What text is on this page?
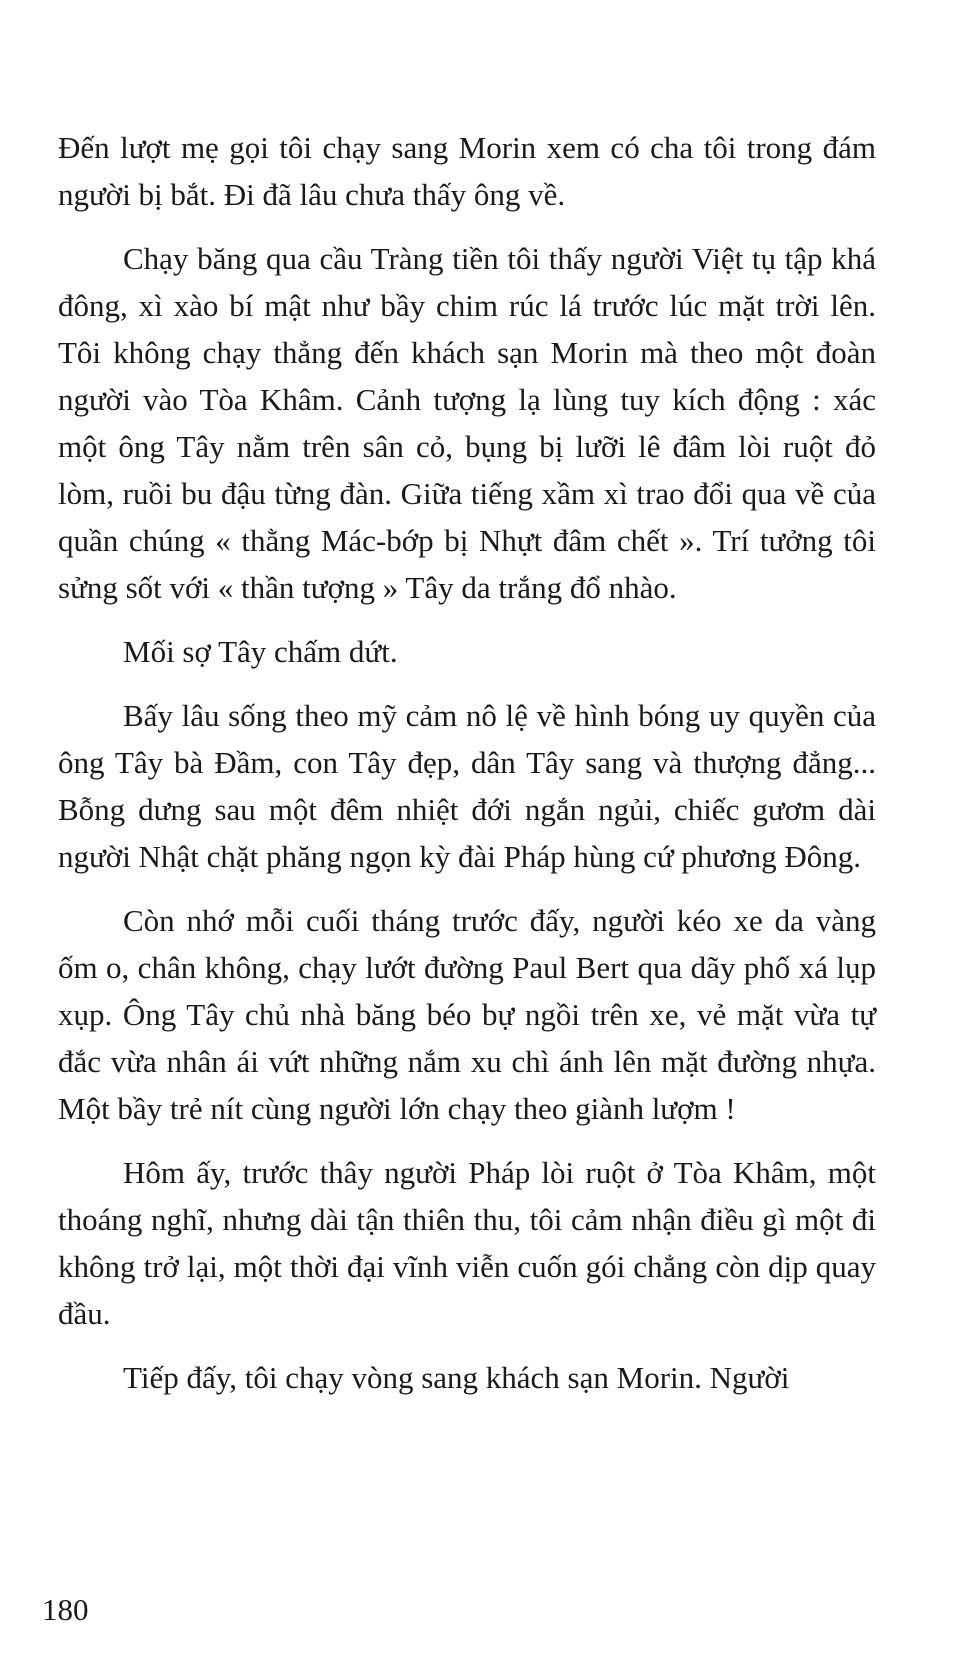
Đến lượt mẹ gọi tôi chạy sang Morin xem có cha tôi trong đám người bị bắt. Đi đã lâu chưa thấy ông về.

Chạy băng qua cầu Tràng tiền tôi thấy người Việt tụ tập khá đông, xì xào bí mật như bầy chim rúc lá trước lúc mặt trời lên. Tôi không chạy thẳng đến khách sạn Morin mà theo một đoàn người vào Tòa Khâm. Cảnh tượng lạ lùng tuy kích động : xác một ông Tây nằm trên sân cỏ, bụng bị lưỡi lê đâm lòi ruột đỏ lòm, ruồi bu đậu từng đàn. Giữa tiếng xầm xì trao đổi qua về của quần chúng « thằng Mác-bớp bị Nhựt đâm chết ». Trí tưởng tôi sửng sốt với « thần tượng » Tây da trắng đổ nhào.

Mối sợ Tây chấm dứt.

Bấy lâu sống theo mỹ cảm nô lệ về hình bóng uy quyền của ông Tây bà Đầm, con Tây đẹp, dân Tây sang và thượng đẳng... Bỗng dưng sau một đêm nhiệt đới ngắn ngủi, chiếc gươm dài người Nhật chặt phăng ngọn kỳ đài Pháp hùng cứ phương Đông.

Còn nhớ mỗi cuối tháng trước đấy, người kéo xe da vàng ốm o, chân không, chạy lướt đường Paul Bert qua dãy phố xá lụp xụp. Ông Tây chủ nhà băng béo bự ngồi trên xe, vẻ mặt vừa tự đắc vừa nhân ái vứt những nắm xu chì ánh lên mặt đường nhựa. Một bầy trẻ nít cùng người lớn chạy theo giành lượm !

Hôm ấy, trước thây người Pháp lòi ruột ở Tòa Khâm, một thoáng nghĩ, nhưng dài tận thiên thu, tôi cảm nhận điều gì một đi không trở lại, một thời đại vĩnh viễn cuốn gói chẳng còn dịp quay đầu.

Tiếp đấy, tôi chạy vòng sang khách sạn Morin. Người

180
